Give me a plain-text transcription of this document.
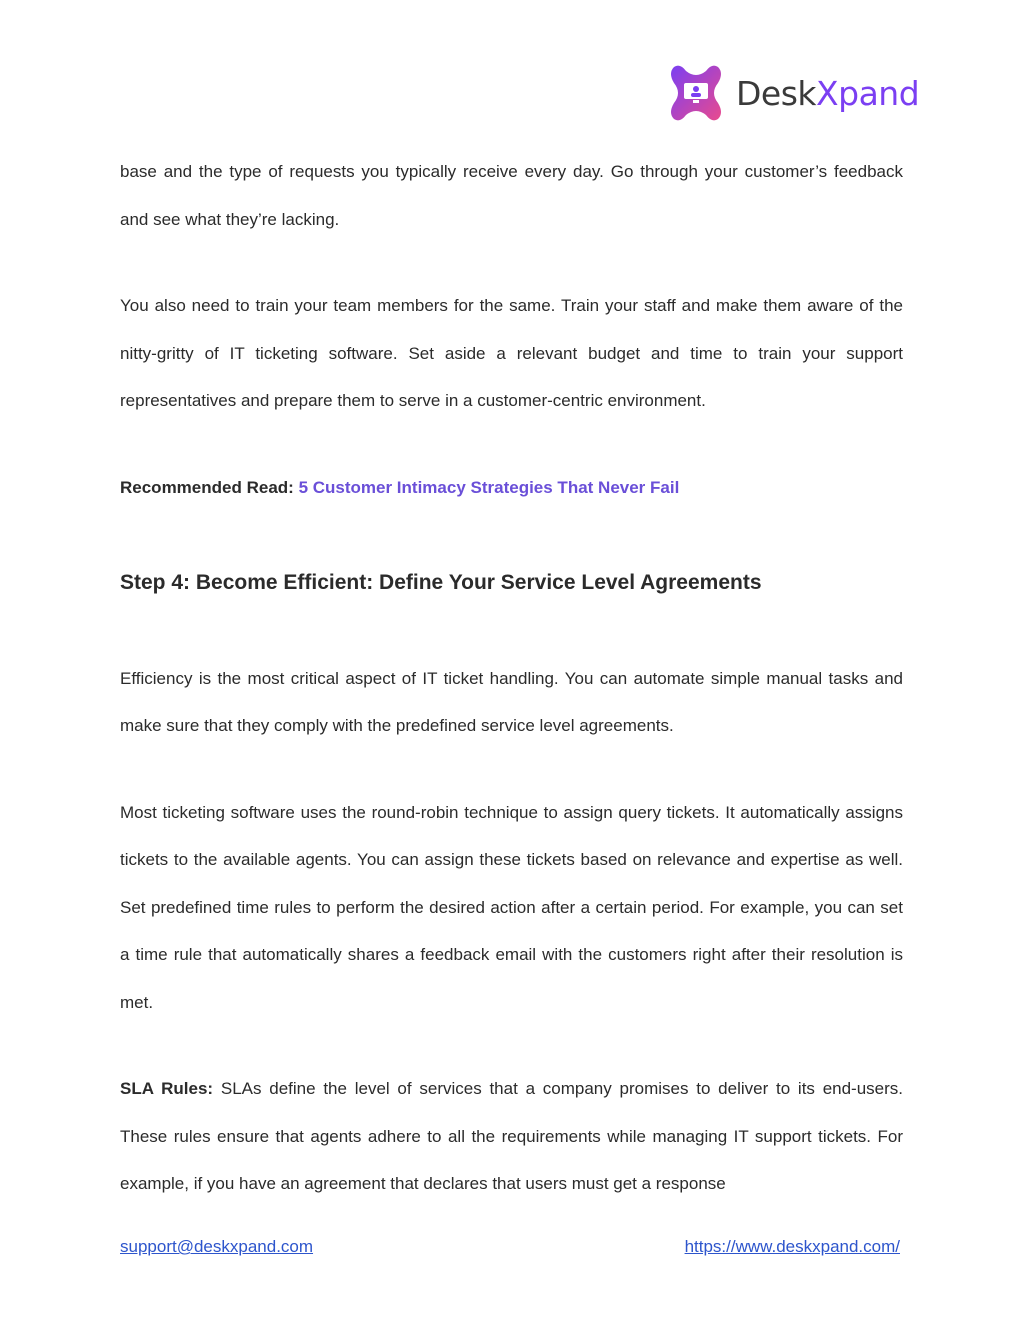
DeskXpand

base and the type of requests you typically receive every day. Go through your customer’s feedback and see what they’re lacking.

You also need to train your team members for the same. Train your staff and make them aware of the nitty-gritty of IT ticketing software. Set aside a relevant budget and time to train your support representatives and prepare them to serve in a customer-centric environment.

Recommended Read: 5 Customer Intimacy Strategies That Never Fail

Step 4: Become Efficient: Define Your Service Level Agreements

Efficiency is the most critical aspect of IT ticket handling. You can automate simple manual tasks and make sure that they comply with the predefined service level agreements.

Most ticketing software uses the round-robin technique to assign query tickets. It automatically assigns tickets to the available agents. You can assign these tickets based on relevance and expertise as well. Set predefined time rules to perform the desired action after a certain period. For example, you can set a time rule that automatically shares a feedback email with the customers right after their resolution is met.

SLA Rules: SLAs define the level of services that a company promises to deliver to its end-users. These rules ensure that agents adhere to all the requirements while managing IT support tickets. For example, if you have an agreement that declares that users must get a response

support@deskxpand.com	https://www.deskxpand.com/
